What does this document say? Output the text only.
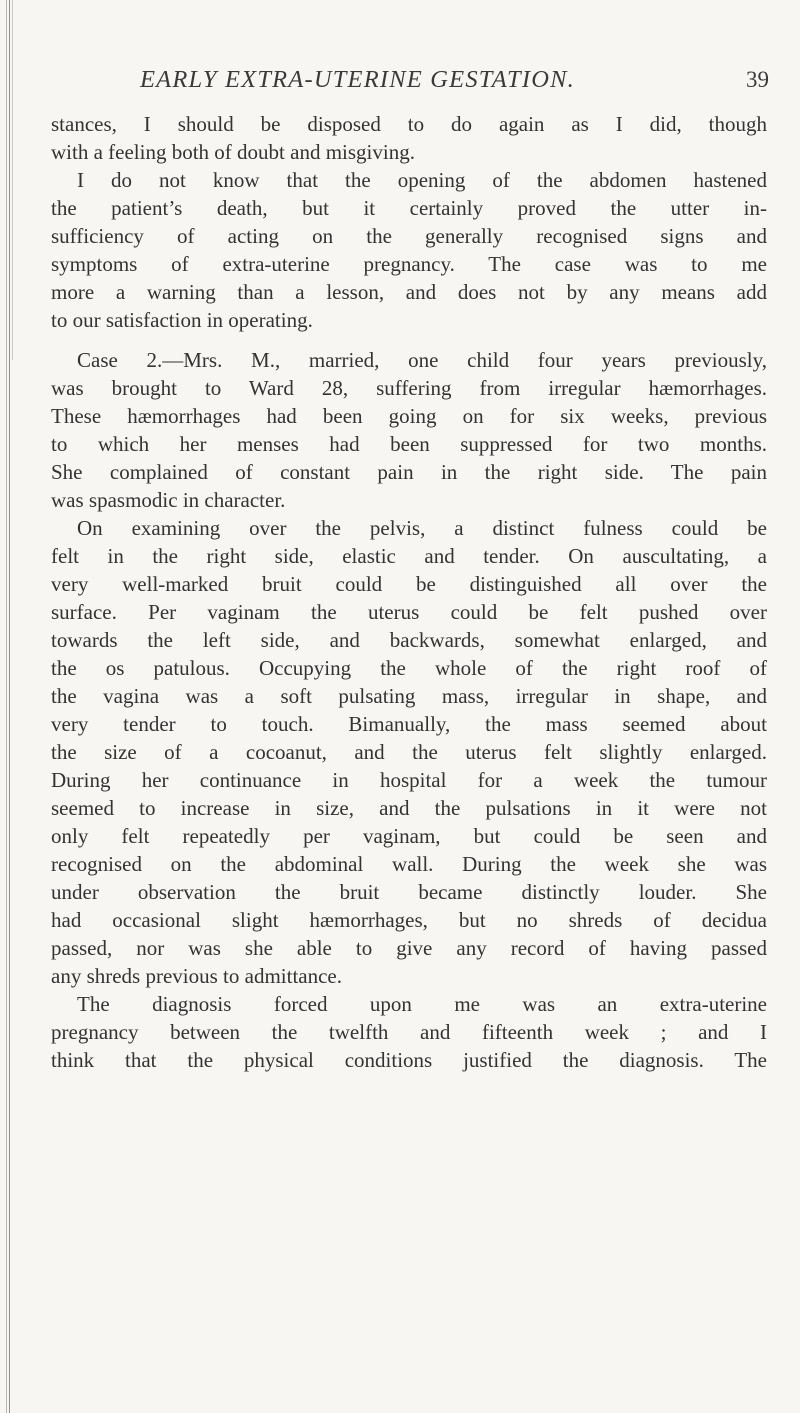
EARLY EXTRA-UTERINE GESTATION.	39
stances, I should be disposed to do again as I did, though
with a feeling both of doubt and misgiving.
I do not know that the opening of the abdomen hastened
the patient’s death, but it certainly proved the utter in-
sufficiency of acting on the generally recognised signs and
symptoms of extra-uterine pregnancy. The case was to me
more a warning than a lesson, and does not by any means add
to our satisfaction in operating.
Case 2.—Mrs. M., married, one child four years previously,
was brought to Ward 28, suffering from irregular hæmorrhages.
These hæmorrhages had been going on for six weeks, previous
to which her menses had been suppressed for two months.
She complained of constant pain in the right side. The pain
was spasmodic in character.
On examining over the pelvis, a distinct fulness could be
felt in the right side, elastic and tender. On auscultating, a
very well-marked bruit could be distinguished all over the
surface. Per vaginam the uterus could be felt pushed over
towards the left side, and backwards, somewhat enlarged, and
the os patulous. Occupying the whole of the right roof of
the vagina was a soft pulsating mass, irregular in shape, and
very tender to touch. Bimanually, the mass seemed about
the size of a cocoanut, and the uterus felt slightly enlarged.
During her continuance in hospital for a week the tumour
seemed to increase in size, and the pulsations in it were not
only felt repeatedly per vaginam, but could be seen and
recognised on the abdominal wall. During the week she was
under observation the bruit became distinctly louder. She
had occasional slight hæmorrhages, but no shreds of decidua
passed, nor was she able to give any record of having passed
any shreds previous to admittance.
The diagnosis forced upon me was an extra-uterine
pregnancy between the twelfth and fifteenth week ; and I
think that the physical conditions justified the diagnosis. The
